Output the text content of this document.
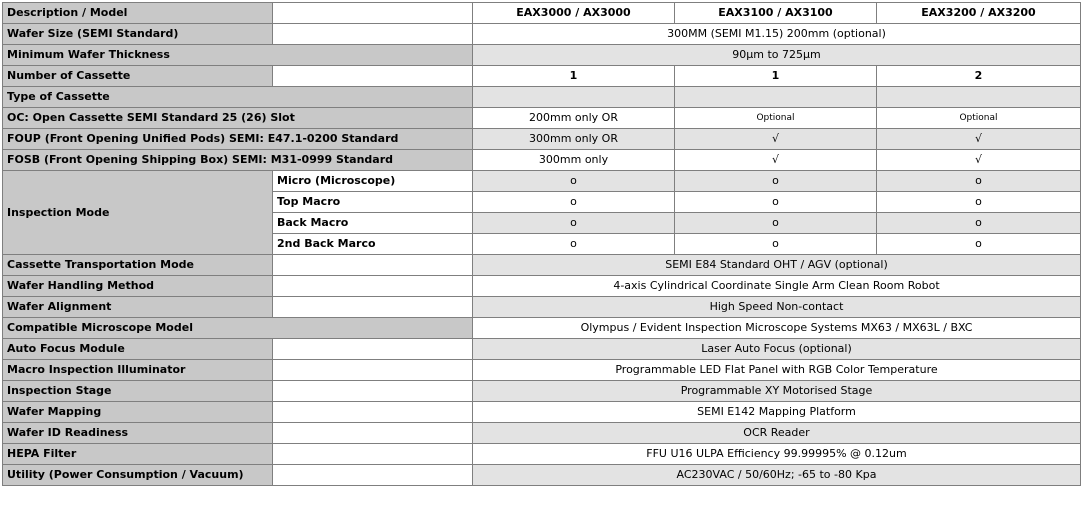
Description / Model		EAX3000 / AX3000	EAX3100 / AX3100	EAX3200 / AX3200
Wafer Size (SEMI Standard)		300MM (SEMI M1.15) 200mm (optional)		
Minimum Wafer Thickness		90μm to 725μm		
Number of Cassette		1	1	2
Type of Cassette				
OC: Open Cassette SEMI Standard 25 (26) Slot		200mm only OR	Optional	Optional
FOUP (Front Opening Unified Pods) SEMI: E47.1-0200 Standard		300mm only OR	√	√
FOSB (Front Opening Shipping Box) SEMI: M31-0999 Standard		300mm only	√	√
Inspection Mode	Micro (Microscope)	o	o	o
	Top Macro	o	o	o
	Back Macro	o	o	o
	2nd Back Marco	o	o	o
Cassette Transportation Mode		SEMI E84 Standard OHT / AGV (optional)		
Wafer Handling Method		4-axis Cylindrical Coordinate Single Arm Clean Room Robot		
Wafer Alignment		High Speed Non-contact		
Compatible Microscope Model		Olympus / Evident Inspection Microscope Systems MX63 / MX63L / BXC		
Auto Focus Module		Laser Auto Focus (optional)		
Macro Inspection Illuminator		Programmable LED Flat Panel with RGB Color Temperature		
Inspection Stage		Programmable XY Motorised Stage		
Wafer Mapping		SEMI E142 Mapping Platform		
Wafer ID Readiness		OCR Reader		
HEPA Filter		FFU U16 ULPA Efficiency 99.99995% @ 0.12um		
Utility (Power Consumption / Vacuum)		AC230VAC / 50/60Hz; -65 to -80 Kpa		
